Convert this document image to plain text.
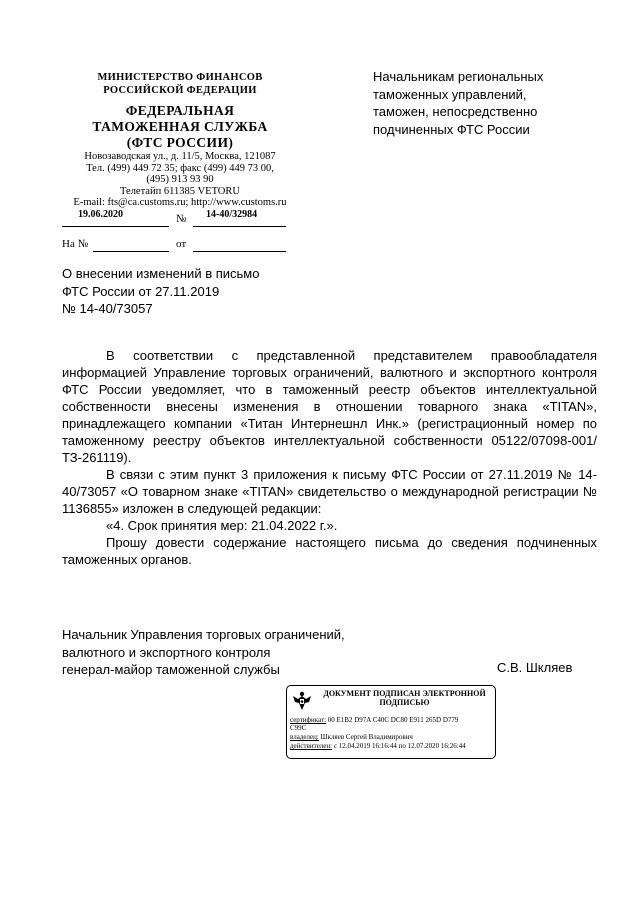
МИНИСТЕРСТВО ФИНАНСОВ
РОССИЙСКОЙ ФЕДЕРАЦИИ
ФЕДЕРАЛЬНАЯ
ТАМОЖЕННАЯ СЛУЖБА
(ФТС РОССИИ)
Новозаводская ул., д. 11/5, Москва, 121087
Тел. (499) 449 72 35; факс (499) 449 73 00,
(495) 913 93 90
Телетайп 611385 VETORU
E-mail: fts@ca.customs.ru; http://www.customs.ru
19.06.2020	№ 14-40/32984
На №	от
Начальникам региональных
таможенных управлений,
таможен, непосредственно
подчиненных ФТС России
О внесении изменений в письмо
ФТС России от 27.11.2019
№ 14-40/73057

В соответствии с представленной представителем правообладателя информацией Управление торговых ограничений, валютного и экспортного контроля ФТС России уведомляет, что в таможенный реестр объектов интеллектуальной собственности внесены изменения в отношении товарного знака «TITAN», принадлежащего компании «Титан Интернешнл Инк.» (регистрационный номер по таможенному реестру объектов интеллектуальной собственности 05122/07098-001/ТЗ-261119).

В связи с этим пункт 3 приложения к письму ФТС России от 27.11.2019 № 14-40/73057 «О товарном знаке «TITAN» свидетельство о международной регистрации № 1136855» изложен в следующей редакции:

«4. Срок принятия мер: 21.04.2022 г.».

Прошу довести содержание настоящего письма до сведения подчиненных таможенных органов.

Начальник Управления торговых ограничений,
валютного и экспортного контроля
генерал-майор таможенной службы	С.В. Шкляев
ДОКУМЕНТ ПОДПИСАН ЭЛЕКТРОННОЙ
ПОДПИСЬЮ
сертификат: 00 E1B2 D97A C40C DC80 E911 265D D779
C99C
владелец: Шкляев Сергей Владимирович
действителен: с 12.04.2019 16:16:44 по 12.07.2020 16:26:44
